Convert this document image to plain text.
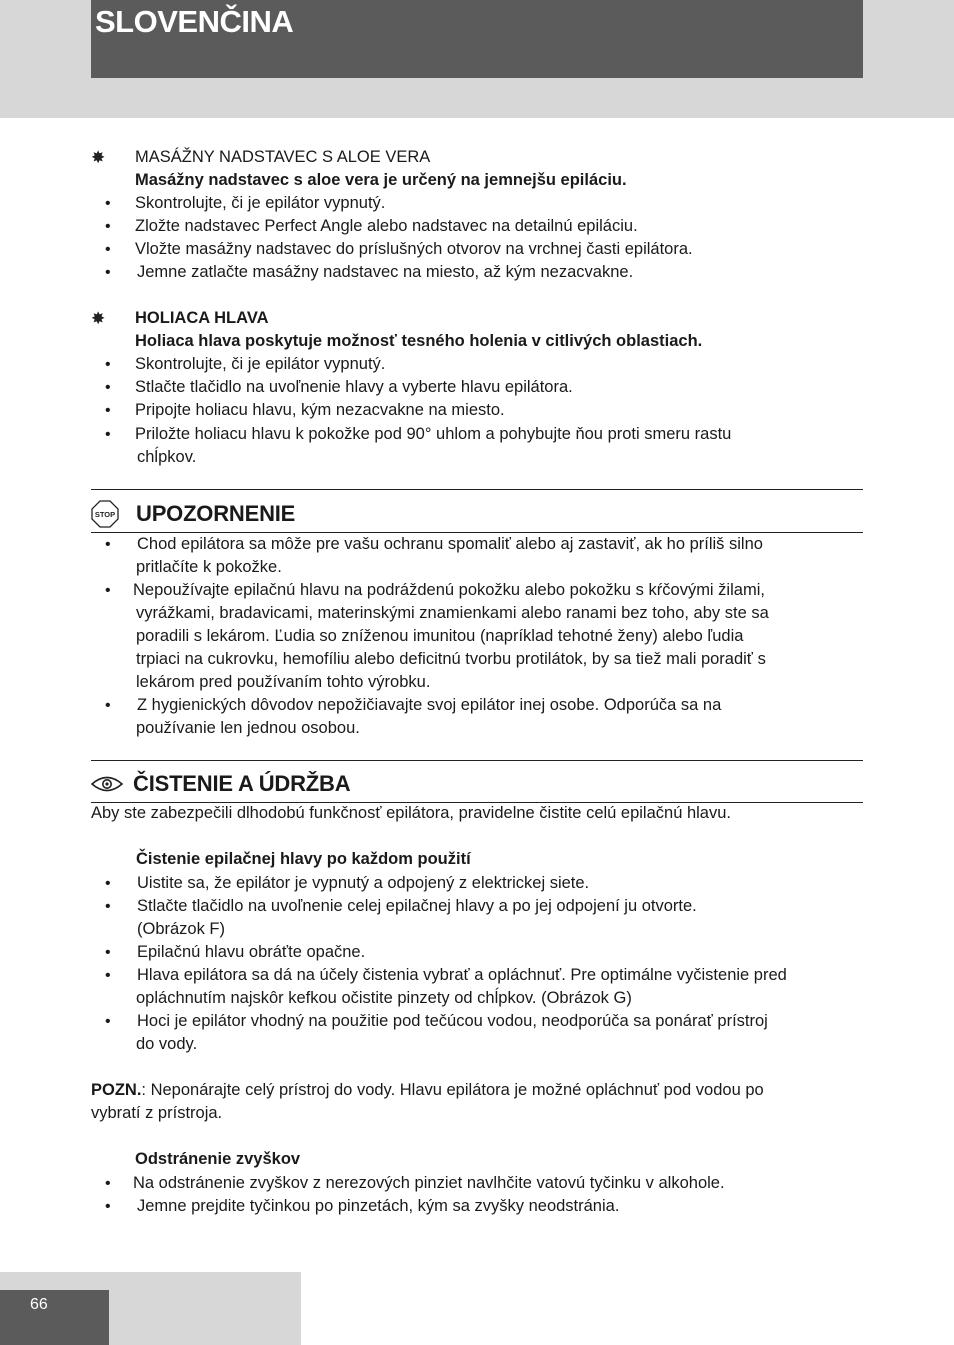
SLOVENČINA
✸ MASÁŽNY NADSTAVEC S ALOE VERA
Masážny nadstavec s aloe vera je určený na jemnejšu epiláciu.
• Skontrolujte, či je epilátor vypnutý.
• Zložte nadstavec Perfect Angle alebo nadstavec na detailnú epiláciu.
• Vložte masážny nadstavec do príslušných otvorov na vrchnej časti epilátora.
• Jemne zatlačte masážny nadstavec na miesto, až kým nezacvakne.
✸ HOLIACA HLAVA
Holiaca hlava poskytuje možnosť tesného holenia v citlivých oblastiach.
• Skontrolujte, či je epilátor vypnutý.
• Stlačte tlačidlo na uvoľnenie hlavy a vyberte hlavu epilátora.
• Pripojte holiacu hlavu, kým nezacvakne na miesto.
• Priložte holiacu hlavu k pokožke pod 90° uhlom a pohybujte ňou proti smeru rastu
chĺpkov.
STOP UPOZORNENIE
• Chod epilátora sa môže pre vašu ochranu spomaliť alebo aj zastaviť, ak ho príliš silno
pritlačíte k pokožke.
• Nepoužívajte epilačnú hlavu na podráždenú pokožku alebo pokožku s kŕčovými žilami,
vyrážkami, bradavicami, materinskými znamienkami alebo ranami bez toho, aby ste sa
poradili s lekárom. Ľudia so zníženou imunitou (napríklad tehotné ženy) alebo ľudia
trpiaci na cukrovku, hemofíliu alebo deficitnú tvorbu protilátok, by sa tiež mali poradiť s
lekárom pred používaním tohto výrobku.
• Z hygienických dôvodov nepožičiavajte svoj epilátor inej osobe. Odporúča sa na
používanie len jednou osobou.
ČISTENIE A ÚDRŽBA
Aby ste zabezpečili dlhodobú funkčnosť epilátora, pravidelne čistite celú epilačnú hlavu.
Čistenie epilačnej hlavy po každom použití
• Uistite sa, že epilátor je vypnutý a odpojený z elektrickej siete.
• Stlačte tlačidlo na uvoľnenie celej epilačnej hlavy a po jej odpojení ju otvorte.
(Obrázok F)
• Epilačnú hlavu obráťte opačne.
• Hlava epilátora sa dá na účely čistenia vybrať a opláchnuť. Pre optimálne vyčistenie pred
opláchnutím najskôr kefkou očistite pinzety od chĺpkov. (Obrázok G)
• Hoci je epilátor vhodný na použitie pod tečúcou vodou, neodporúča sa ponárať prístroj
do vody.
POZN.: Neponárajte celý prístroj do vody. Hlavu epilátora je možné opláchnuť pod vodou po
vybratí z prístroja.
Odstránenie zvyškov
• Na odstránenie zvyškov z nerezových pinziet navlhčite vatovú tyčinku v alkohole.
• Jemne prejdite tyčinkou po pinzetách, kým sa zvyšky neodstránia.
66
